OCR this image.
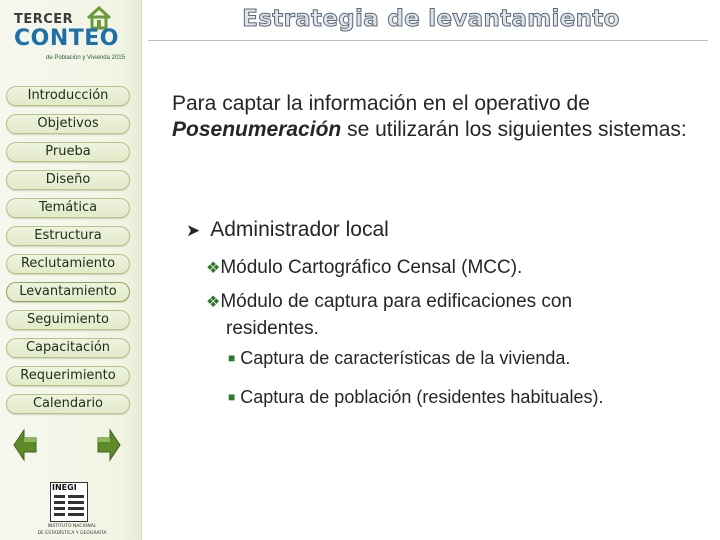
TERCER
CONTEO
de Población y Vivienda 2015
Introducción
Objetivos
Prueba
Diseño
Temática
Estructura
Reclutamiento
Levantamiento
Seguimiento
Capacitación
Requerimiento
Calendario
INEGI
INSTITUTO NACIONAL
DE ESTADÍSTICA Y GEOGRAFÍA
Estrategia de levantamiento

Para captar la información en el operativo de Posenumeración se utilizarán los siguientes sistemas:

➤ Administrador local
❖Módulo Cartográfico Censal (MCC).
❖Módulo de captura para edificaciones con
residentes.
■ Captura de características de la vivienda.
■ Captura de población (residentes habituales).
